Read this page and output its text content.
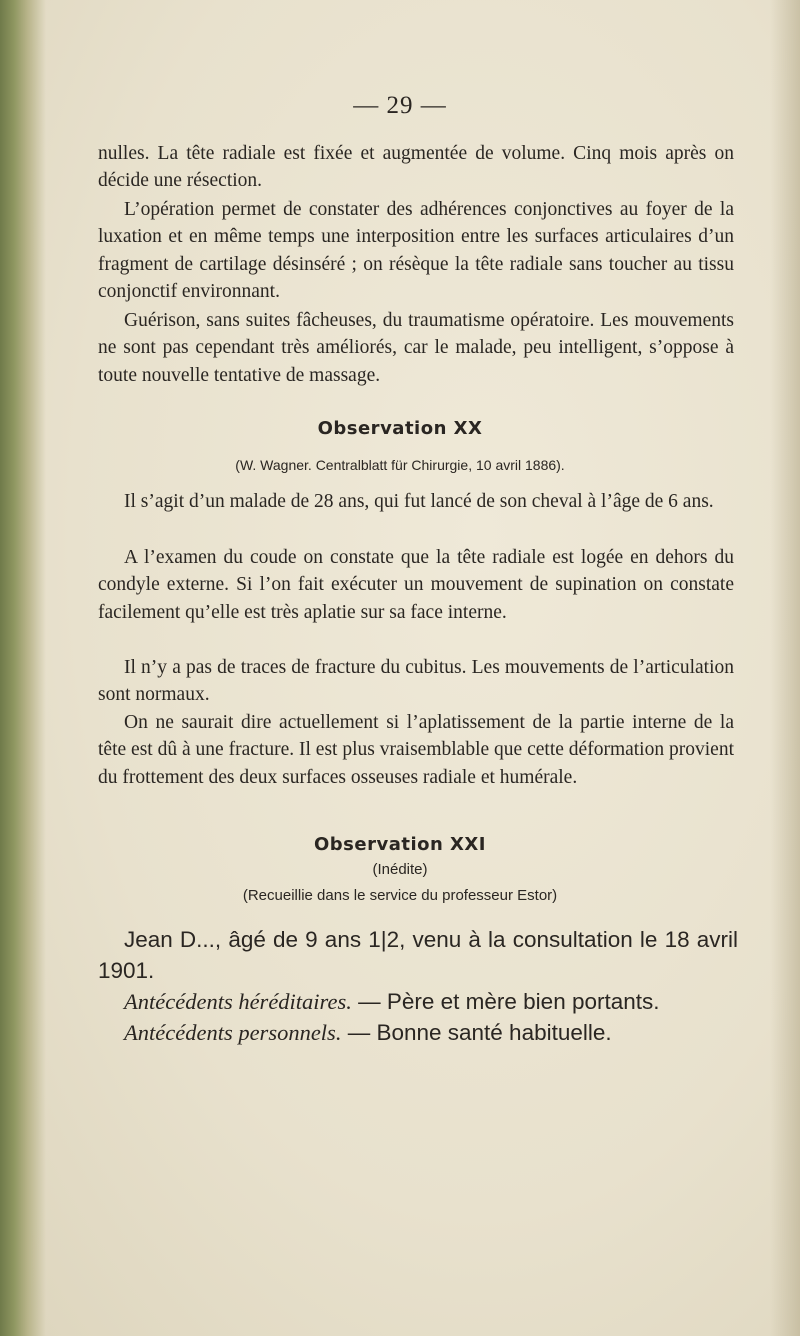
— 29 —

nulles. La tête radiale est fixée et augmentée de volume. Cinq mois après on décide une résection.

L’opération permet de constater des adhérences conjonctives au foyer de la luxation et en même temps une interposition entre les surfaces articulaires d’un fragment de cartilage désinséré ; on résèque la tête radiale sans toucher au tissu conjonctif environnant.

Guérison, sans suites fâcheuses, du traumatisme opératoire. Les mouvements ne sont pas cependant très améliorés, car le malade, peu intelligent, s’oppose à toute nouvelle tentative de massage.

Observation XX
(W. Wagner. Centralblatt für Chirurgie, 10 avril 1886).

Il s’agit d’un malade de 28 ans, qui fut lancé de son cheval à l’âge de 6 ans.

A l’examen du coude on constate que la tête radiale est logée en dehors du condyle externe. Si l’on fait exécuter un mouvement de supination on constate facilement qu’elle est très aplatie sur sa face interne.

Il n’y a pas de traces de fracture du cubitus. Les mouvements de l’articulation sont normaux.

On ne saurait dire actuellement si l’aplatissement de la partie interne de la tête est dû à une fracture. Il est plus vraisemblable que cette déformation provient du frottement des deux surfaces osseuses radiale et humérale.

Observation XXI
(Inédite)
(Recueillie dans le service du professeur Estor)

Jean D..., âgé de 9 ans 1|2, venu à la consultation le 18 avril 1901.

Antécédents héréditaires. — Père et mère bien portants.

Antécédents personnels. — Bonne santé habituelle.
